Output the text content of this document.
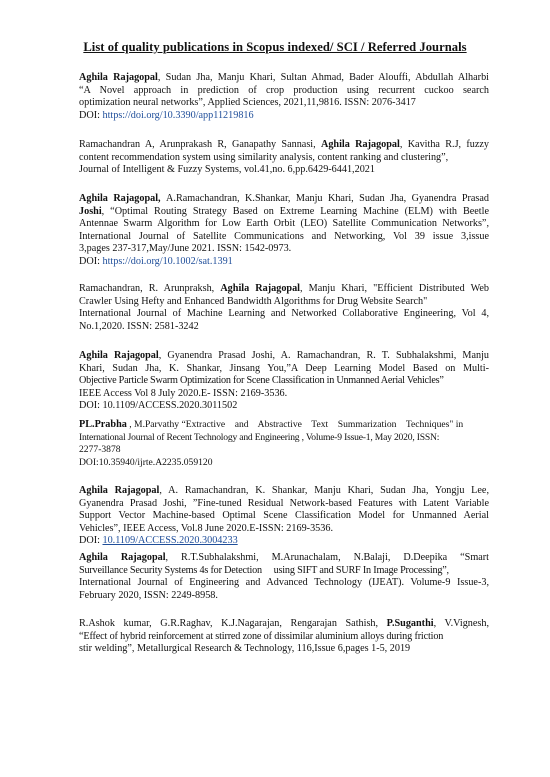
List of quality publications in Scopus indexed/ SCI / Referred Journals
Aghila Rajagopal, Sudan Jha, Manju Khari, Sultan Ahmad, Bader Alouffi, Abdullah Alharbi
“A Novel approach in prediction of crop production using recurrent cuckoo search
optimization neural networks”, Applied Sciences, 2021,11,9816. ISSN: 2076-3417
DOI: https://doi.org/10.3390/app11219816
Ramachandran A, Arunprakash R, Ganapathy Sannasi, Aghila Rajagopal, Kavitha R.J, fuzzy
content recommendation system using similarity analysis, content ranking and clustering”,
Journal of Intelligent & Fuzzy Systems, vol.41,no. 6,pp.6429-6441,2021
Aghila Rajagopal, A.Ramachandran, K.Shankar, Manju Khari, Sudan Jha, Gyanendra Prasad
Joshi, “Optimal Routing Strategy Based on Extreme Learning Machine (ELM) with Beetle
Antennae Swarm Algorithm for Low Earth Orbit (LEO) Satellite Communication Networks”,
International Journal of Satellite Communications and Networking, Vol 39 issue 3,issue
3,pages 237-317,May/June 2021. ISSN: 1542-0973.
DOI: https://doi.org/10.1002/sat.1391
Ramachandran, R. Arunpraksh, Aghila Rajagopal, Manju Khari, "Efficient Distributed Web
Crawler Using Hefty and Enhanced Bandwidth Algorithms for Drug Website Search"
International Journal of Machine Learning and Networked Collaborative Engineering, Vol 4,
No.1,2020. ISSN: 2581-3242
Aghila Rajagopal, Gyanendra Prasad Joshi, A. Ramachandran, R. T. Subhalakshmi, Manju
Khari, Sudan Jha, K. Shankar, Jinsang You,”A Deep Learning Model Based on Multi-
Objective Particle Swarm Optimization for Scene Classification in Unmanned Aerial Vehicles”
IEEE Access Vol 8 July 2020.E- ISSN: 2169-3536.
DOI: 10.1109/ACCESS.2020.3011502
PL.Prabha , M.Parvathy “Extractive    and    Abstractive    Text    Summarization    Techniques" in
International Journal of Recent Technology and Engineering , Volume-9 Issue-1, May 2020, ISSN:
2277-3878
DOI:10.35940/ijrte.A2235.059120
Aghila Rajagopal, A. Ramachandran, K. Shankar, Manju Khari, Sudan Jha, Yongju Lee,
Gyanendra Prasad Joshi, ”Fine-tuned Residual Network-based Features with Latent Variable
Support Vector Machine-based Optimal Scene Classification Model for Unmanned Aerial
Vehicles”, IEEE Access, Vol.8 June 2020.E-ISSN: 2169-3536.
DOI: 10.1109/ACCESS.2020.3004233
Aghila Rajagopal, R.T.Subhalakshmi, M.Arunachalam, N.Balaji, D.Deepika “Smart
Surveillance Security Systems 4s for Detection     using SIFT and SURF In Image Processing”,
International Journal of Engineering and Advanced Technology (IJEAT). Volume-9 Issue-3,
February 2020, ISSN: 2249-8958.
R.Ashok kumar, G.R.Raghav, K.J.Nagarajan, Rengarajan Sathish, P.Suganthi, V.Vignesh,
“Effect of hybrid reinforcement at stirred zone of dissimilar aluminium alloys during friction
stir welding”, Metallurgical Research & Technology, 116,Issue 6,pages 1-5, 2019
